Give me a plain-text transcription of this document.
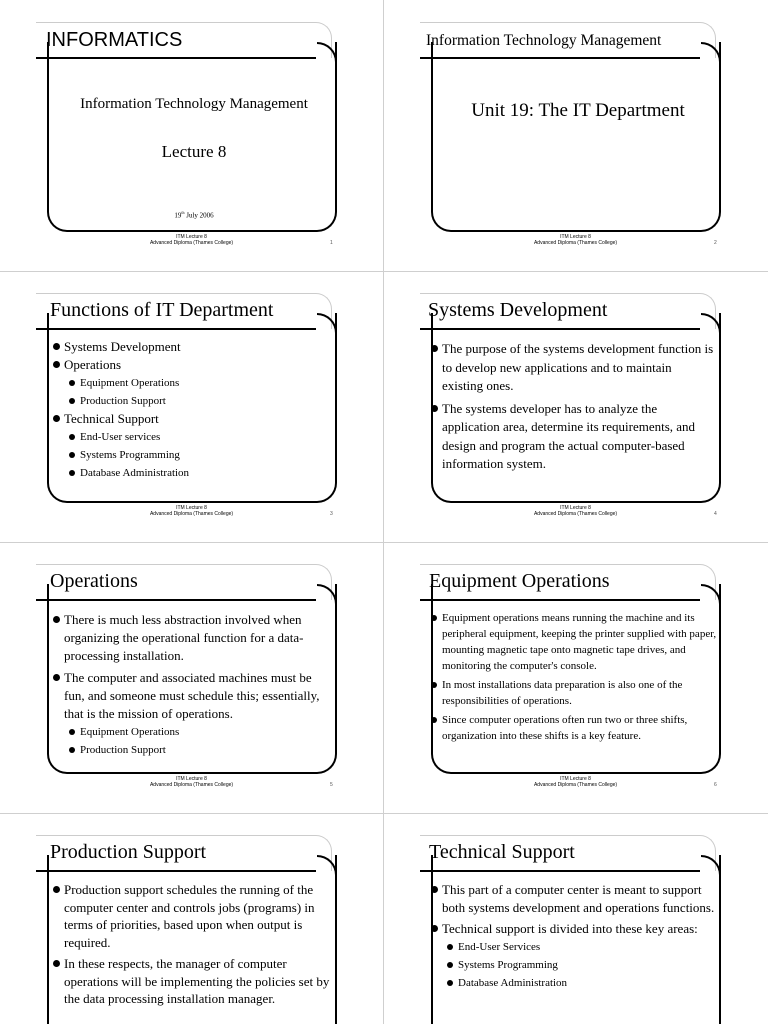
INFORMATICS
Information Technology Management
Lecture 8
19th July 2006
ITM Lecture 8
Advanced Diploma (Thames College)	1
Information Technology Management
Unit 19: The IT Department
ITM Lecture 8
Advanced Diploma (Thames College)	2
Functions of IT Department
Systems Development
Operations
Equipment Operations
Production Support
Technical Support
End-User services
Systems Programming
Database Administration
ITM Lecture 8
Advanced Diploma (Thames College)	3
Systems Development
The purpose of the systems development function is to develop new applications and to maintain existing ones.
The systems developer has to analyze the application area, determine its requirements, and design and program the actual computer-based information system.
ITM Lecture 8
Advanced Diploma (Thames College)	4
Operations
There is much less abstraction involved when organizing the operational function for a data-processing installation.
The computer and associated machines must be fun, and someone must schedule this; essentially, that is the mission of operations.
Equipment Operations
Production Support
ITM Lecture 8
Advanced Diploma (Thames College)	5
Equipment Operations
Equipment operations means running the machine and its peripheral equipment, keeping the printer supplied with paper, mounting magnetic tape onto magnetic tape drives, and monitoring the computer's console.
In most installations data preparation is also one of the responsibilities of operations.
Since computer operations often run two or three shifts, organization into these shifts is a key feature.
ITM Lecture 8
Advanced Diploma (Thames College)	6
Production Support
Production support schedules the running of the computer center and controls jobs (programs) in terms of priorities, based upon when output is required.
In these respects, the manager of computer operations will be implementing the policies set by the data processing installation manager.
Technical Support
This part of a computer center is meant to support both systems development and operations functions.
Technical support is divided into these key areas:
End-User Services
Systems Programming
Database Administration
